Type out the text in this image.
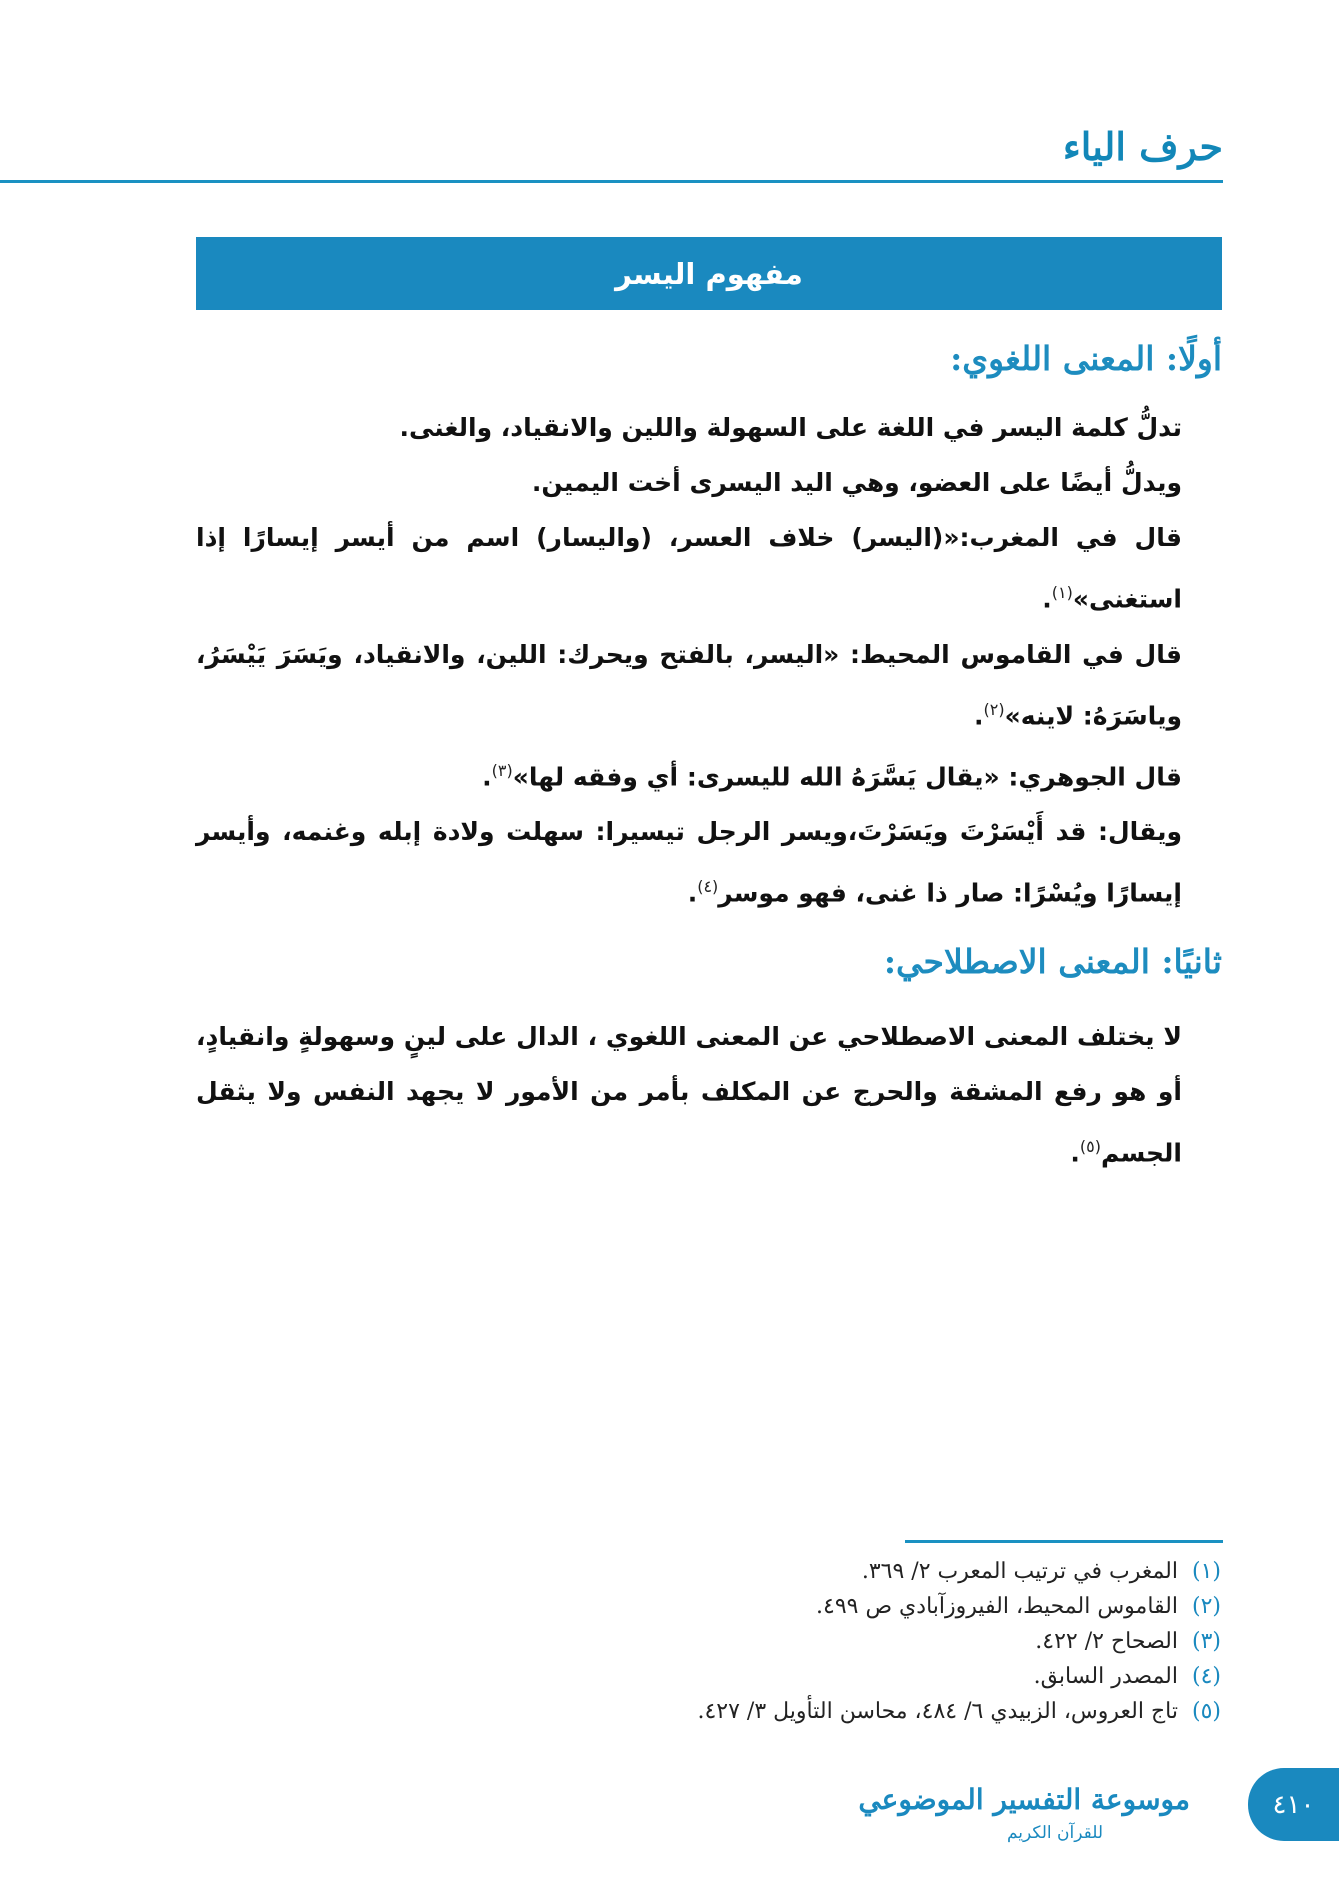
حرف الياء
مفهوم اليسر
أولًا: المعنى اللغوي:

تدلُّ كلمة اليسر في اللغة على السهولة واللين والانقياد، والغنى.

ويدلُّ أيضًا على العضو، وهي اليد اليسرى أخت اليمين.

قال في المغرب:«(اليسر) خلاف العسر، (واليسار) اسم من أيسر إيسارًا إذا استغنى»$^{(١)}$.

قال في القاموس المحيط: «اليسر، بالفتح ويحرك: اللين، والانقياد، ويَسَرَ يَيْسَرُ، وياسَرَهُ: لاينه»$^{(٢)}$.

قال الجوهري: «يقال يَسَّرَهُ الله لليسرى: أي وفقه لها»$^{(٣)}$.

ويقال: قد أَيْسَرْتَ ويَسَرْتَ،ويسر الرجل تيسيرا: سهلت ولادة إبله وغنمه، وأيسر إيسارًا ويُسْرًا: صار ذا غنى، فهو موسر$^{(٤)}$.

ثانيًا: المعنى الاصطلاحي:

لا يختلف المعنى الاصطلاحي عن المعنى اللغوي ، الدال على لينٍ وسهولةٍ وانقيادٍ، أو هو رفع المشقة والحرج عن المكلف بأمر من الأمور لا يجهد النفس ولا يثقل الجسم$^{(٥)}$.

(١)المغرب في ترتيب المعرب ٢/ ٣٦٩.
(٢)القاموس المحيط، الفيروزآبادي ص ٤٩٩.
(٣)الصحاح ٢/ ٤٢٢.
(٤)المصدر السابق.
(٥)تاج العروس، الزبيدي ٦/ ٤٨٤، محاسن التأويل ٣/ ٤٢٧.
موسوعة التفسير الموضوعي
للقرآن الكريم
٤١٠
